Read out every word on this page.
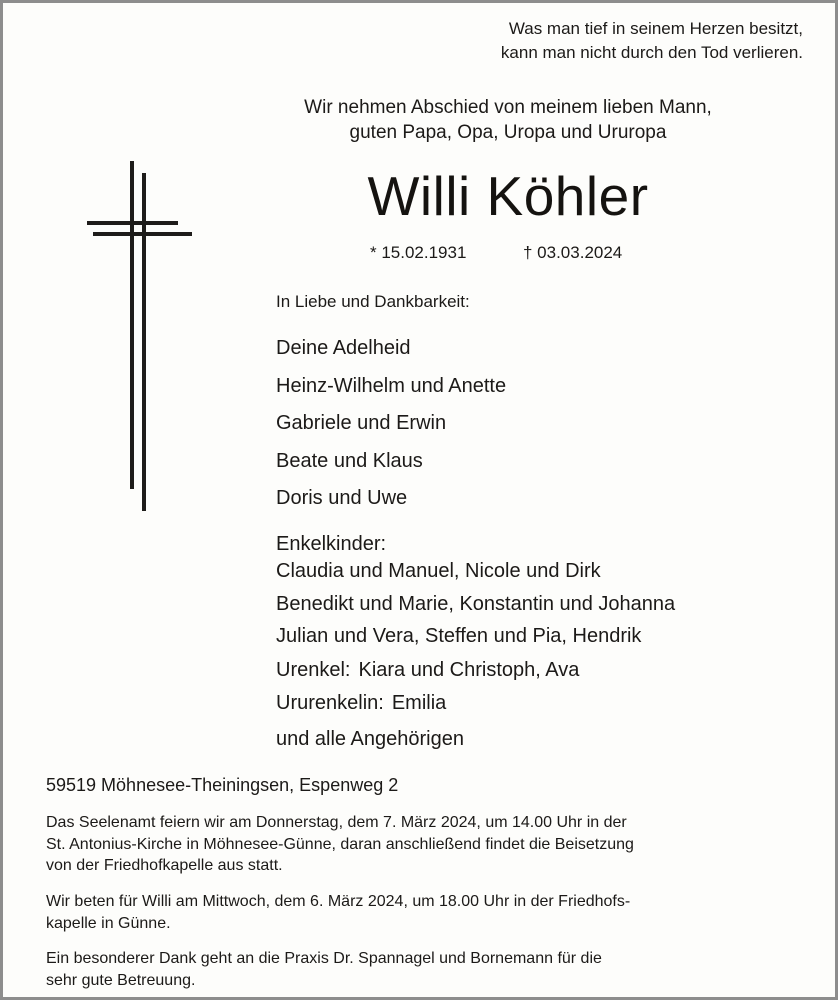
Was man tief in seinem Herzen besitzt,
kann man nicht durch den Tod verlieren.
Wir nehmen Abschied von meinem lieben Mann,
guten Papa, Opa, Uropa und Ururopa
Willi Köhler
* 15.02.1931	† 03.03.2024
In Liebe und Dankbarkeit:
Deine Adelheid
Heinz-Wilhelm und Anette
Gabriele und Erwin
Beate und Klaus
Doris und Uwe
Enkelkinder:
Claudia und Manuel, Nicole und Dirk
Benedikt und Marie, Konstantin und Johanna
Julian und Vera, Steffen und Pia, Hendrik
Urenkel: Kiara und Christoph, Ava
Ururenkelin: Emilia
und alle Angehörigen
59519 Möhnesee-Theiningsen, Espenweg 2
Das Seelenamt feiern wir am Donnerstag, dem 7. März 2024, um 14.00 Uhr in der
St. Antonius-Kirche in Möhnesee-Günne, daran anschließend findet die Beisetzung
von der Friedhofkapelle aus statt.
Wir beten für Willi am Mittwoch, dem 6. März 2024, um 18.00 Uhr in der Friedhofs-
kapelle in Günne.
Ein besonderer Dank geht an die Praxis Dr. Spannagel und Bornemann für die
sehr gute Betreuung.
